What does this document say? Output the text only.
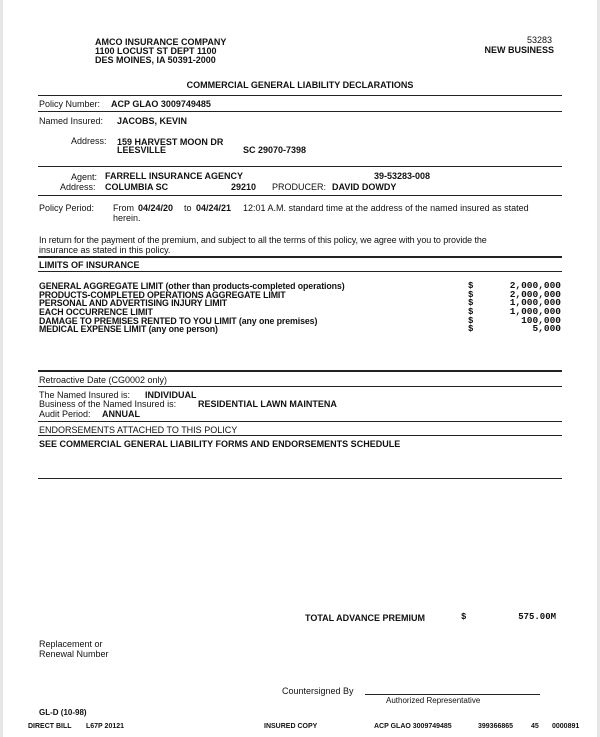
AMCO INSURANCE COMPANY
1100 LOCUST ST DEPT 1100
DES MOINES, IA 50391-2000
53283
NEW BUSINESS
COMMERCIAL GENERAL LIABILITY DECLARATIONS
Policy Number: ACP GLAO 3009749485
Named Insured: JACOBS, KEVIN
Address: 159 HARVEST MOON DR
LEESVILLE	SC 29070-7398
Agent: FARRELL INSURANCE AGENCY	39-53283-008
Address: COLUMBIA SC	29210 PRODUCER: DAVID DOWDY
Policy Period: From 04/24/20 to 04/24/21 12:01 A.M. standard time at the address of the named insured as stated
herein.
In return for the payment of the premium, and subject to all the terms of this policy, we agree with you to provide the
insurance as stated in this policy.
LIMITS OF INSURANCE
GENERAL AGGREGATE LIMIT (other than products-completed operations)	$	2,000,000
PRODUCTS-COMPLETED OPERATIONS AGGREGATE LIMIT	$	2,000,000
PERSONAL AND ADVERTISING INJURY LIMIT	$	1,000,000
EACH OCCURRENCE LIMIT	$	1,000,000
DAMAGE TO PREMISES RENTED TO YOU LIMIT (any one premises)	$	100,000
MEDICAL EXPENSE LIMIT (any one person)	$	5,000
Retroactive Date (CG0002 only)
The Named Insured is: INDIVIDUAL
Business of the Named Insured is: RESIDENTIAL LAWN MAINTENA
Audit Period: ANNUAL
ENDORSEMENTS ATTACHED TO THIS POLICY
SEE COMMERCIAL GENERAL LIABILITY FORMS AND ENDORSEMENTS SCHEDULE
TOTAL ADVANCE PREMIUM	$	575.00M
Replacement or
Renewal Number
Countersigned By
Authorized Representative
GL-D (10-98)
DIRECT BILL L67P 20121	INSURED COPY	ACP GLAO 3009749485	399366865	45 0000891
